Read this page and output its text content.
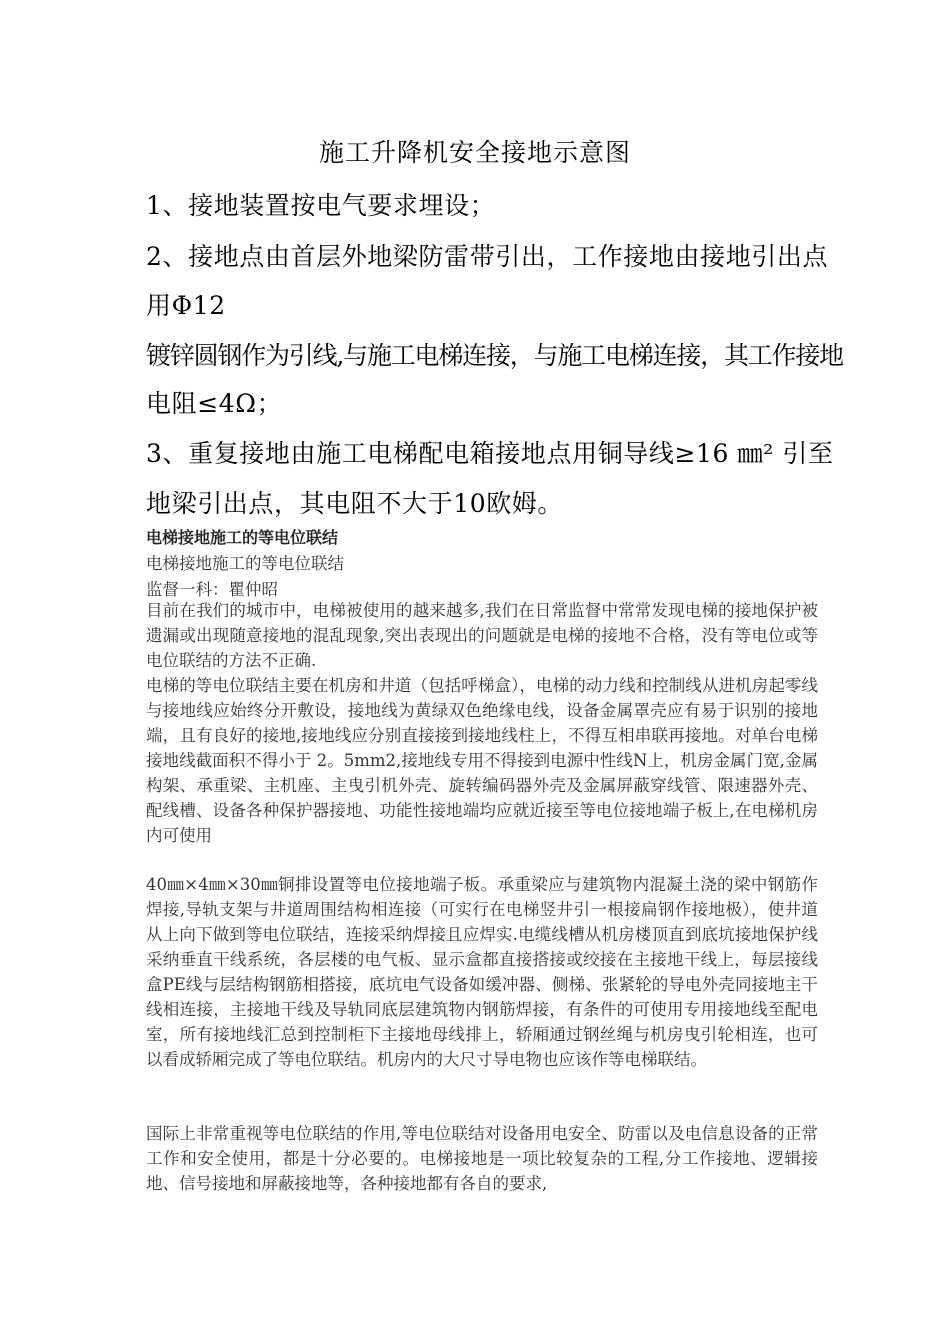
施工升降机安全接地示意图
1、接地装置按电气要求埋设；
2、接地点由首层外地梁防雷带引出，工作接地由接地引出点
用Φ12
镀锌圆钢作为引线,与施工电梯连接，与施工电梯连接，其工作接地
电阻≤4Ω；
3、重复接地由施工电梯配电箱接地点用铜导线≥16 ㎜² 引至
地梁引出点，其电阻不大于10欧姆。
电梯接地施工的等电位联结
电梯接地施工的等电位联结
监督一科：瞿仲昭

目前在我们的城市中，电梯被使用的越来越多,我们在日常监督中常常发现电梯的接地保护被遗漏或出现随意接地的混乱现象,突出表现出的问题就是电梯的接地不合格，没有等电位或等电位联结的方法不正确.

电梯的等电位联结主要在机房和井道（包括呼梯盒），电梯的动力线和控制线从进机房起零线与接地线应始终分开敷设，接地线为黄绿双色绝缘电线，设备金属罩壳应有易于识别的接地端，且有良好的接地,接地线应分别直接接到接地线柱上，不得互相串联再接地。对单台电梯接地线截面积不得小于 2。5mm2,接地线专用不得接到电源中性线N上，机房金属门宽,金属构架、承重梁、主机座、主曳引机外壳、旋转编码器外壳及金属屏蔽穿线管、限速器外壳、配线槽、设备各种保护器接地、功能性接地端均应就近接至等电位接地端子板上,在电梯机房内可使用

40㎜×4㎜×30㎜铜排设置等电位接地端子板。承重梁应与建筑物内混凝土浇的梁中钢筋作焊接,导轨支架与井道周围结构相连接（可实行在电梯竖井引一根接扁钢作接地极），使井道从上向下做到等电位联结，连接采纳焊接且应焊实.电缆线槽从机房楼顶直到底坑接地保护线采纳垂直干线系统，各层楼的电气板、显示盒都直接搭接或绞接在主接地干线上，每层接线盒PE线与层结构钢筋相搭接，底坑电气设备如缓冲器、侧梯、张紧轮的导电外壳同接地主干线相连接，主接地干线及导轨同底层建筑物内钢筋焊接，有条件的可使用专用接地线至配电室，所有接地线汇总到控制柜下主接地母线排上，轿厢通过钢丝绳与机房曳引轮相连，也可以看成轿厢完成了等电位联结。机房内的大尺寸导电物也应该作等电梯联结。

国际上非常重视等电位联结的作用,等电位联结对设备用电安全、防雷以及电信息设备的正常工作和安全使用，都是十分必要的。电梯接地是一项比较复杂的工程,分工作接地、逻辑接地、信号接地和屏蔽接地等，各种接地都有各自的要求,
